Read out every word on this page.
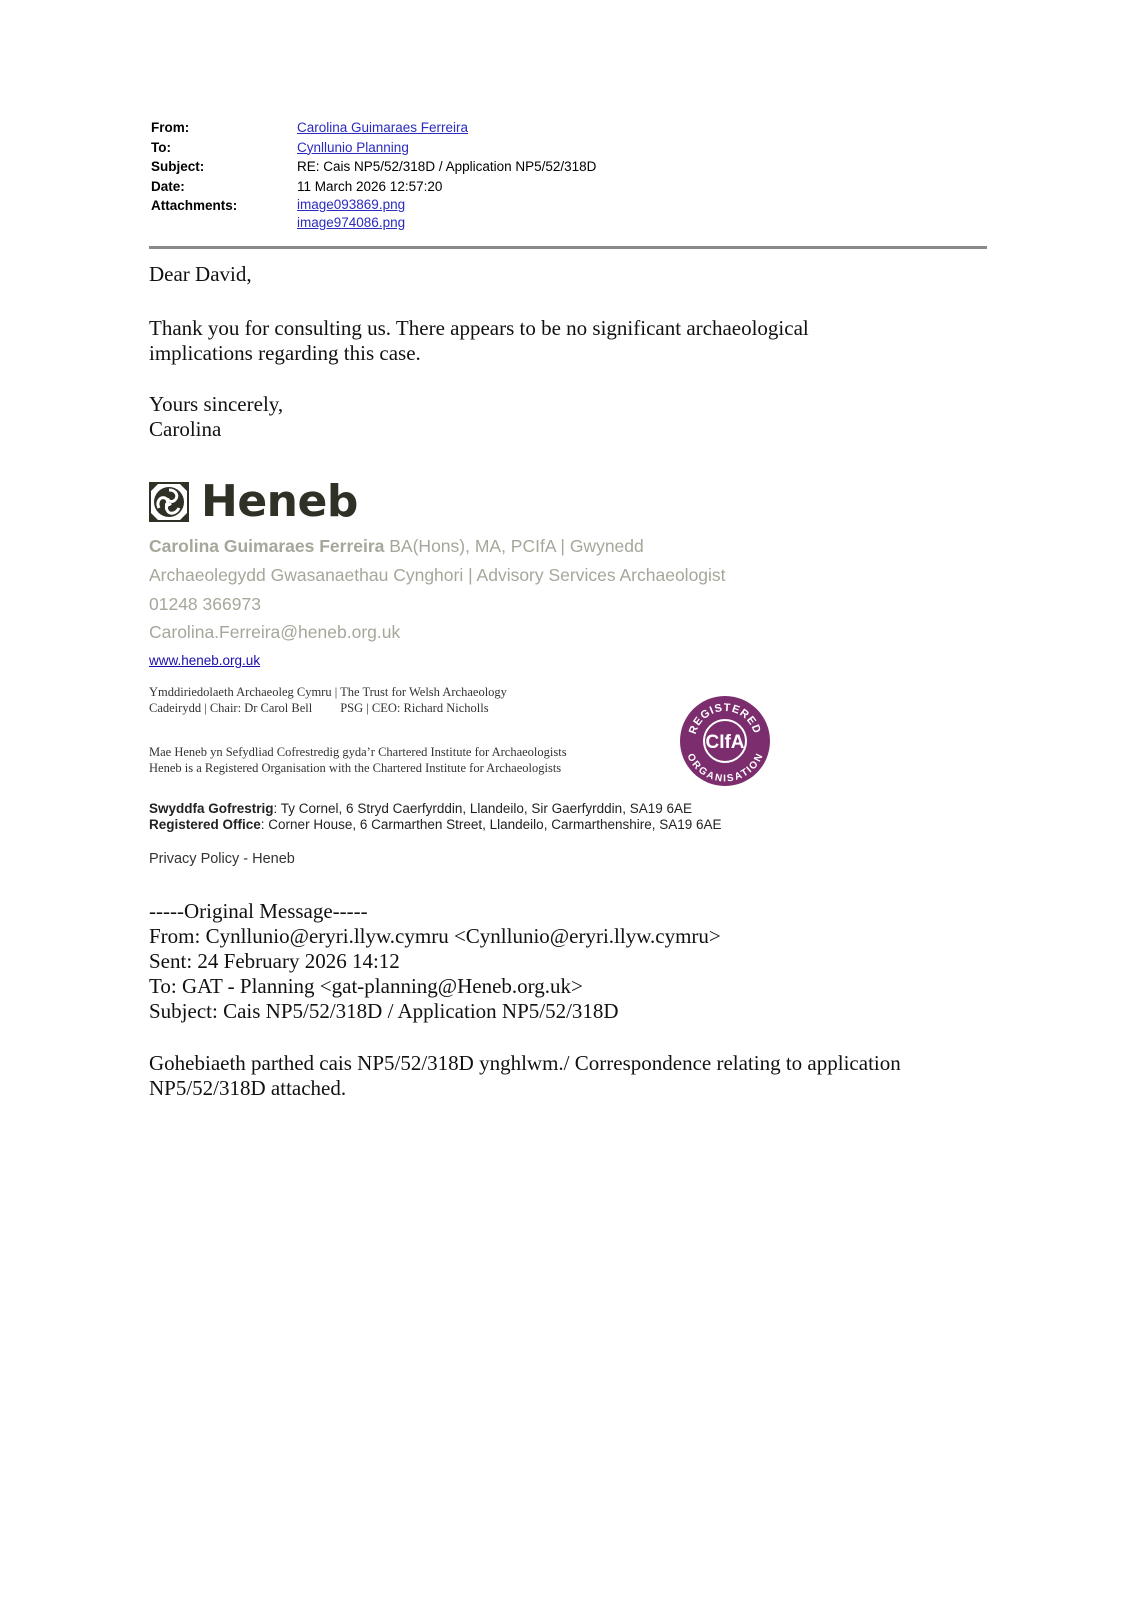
From:	Carolina Guimaraes Ferreira
To:	Cynllunio Planning
Subject:	RE: Cais NP5/52/318D / Application NP5/52/318D
Date:	11 March 2026 12:57:20
Attachments:	image093869.png
image974086.png
Dear David,
Thank you for consulting us. There appears to be no significant archaeological
implications regarding this case.
Yours sincerely,
Carolina
Heneb
Carolina Guimaraes Ferreira BA(Hons), MA, PCIfA | Gwynedd
Archaeolegydd Gwasanaethau Cynghori | Advisory Services Archaeologist
01248 366973
Carolina.Ferreira@heneb.org.uk
www.heneb.org.uk
Ymddiriedolaeth Archaeoleg Cymru | The Trust for Welsh Archaeology
Cadeirydd | Chair: Dr Carol Bell PSG | CEO: Richard Nicholls
Mae Heneb yn Sefydliad Cofrestredig gyda’r Chartered Institute for Archaeologists
Heneb is a Registered Organisation with the Chartered Institute for Archaeologists
REGISTERED
ORGANISATION
CIfA
Swyddfa Gofrestrig: Ty Cornel, 6 Stryd Caerfyrddin, Llandeilo, Sir Gaerfyrddin, SA19 6AE
Registered Office: Corner House, 6 Carmarthen Street, Llandeilo, Carmarthenshire, SA19 6AE
Privacy Policy - Heneb
-----Original Message-----
From: Cynllunio@eryri.llyw.cymru <Cynllunio@eryri.llyw.cymru>
Sent: 24 February 2026 14:12
To: GAT - Planning <gat-planning@Heneb.org.uk>
Subject: Cais NP5/52/318D / Application NP5/52/318D
Gohebiaeth parthed cais NP5/52/318D ynghlwm./ Correspondence relating to application
NP5/52/318D attached.
